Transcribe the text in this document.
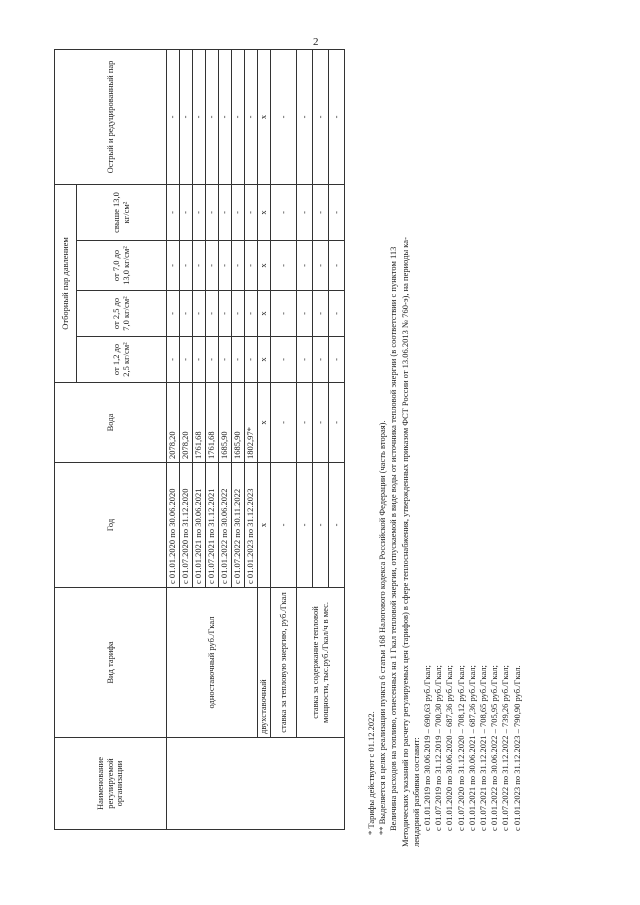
2
Наименование регулируемой организации	Вид тарифа	Год	Вода	Отборный пар давлением				Острый и редуцированный пар
				от 1,2 до 2,5 кг/см²	от 2,5 до 7,0 кг/см²	от 7,0 до 13,0 кг/см²	свыше 13,0 кг/см²	
	одноставочный руб./Гкал	с 01.01.2020 по 30.06.2020	2078,20	-	-	-	-	-
		с 01.07.2020 по 31.12.2020	2078,20	-	-	-	-	-
		с 01.01.2021 по 30.06.2021	1761,68	-	-	-	-	-
		с 01.07.2021 по 31.12.2021	1761,68	-	-	-	-	-
		с 01.01.2022 по 30.06.2022	1685,90	-	-	-	-	-
		с 01.07.2022 по 30.11.2022	1685,90	-	-	-	-	-
		с 01.01.2023 по 31.12.2023	1802,97*	-	-	-	-	-
	двухставочный	х	х	х	х	х	х	х
	ставка за тепловую энергию, руб./Гкал	-	-	-	-	-	-	-
	ставка за содержание тепловой мощности, тыс.руб./Гкал/ч в мес.	-	-	-	-	-	-	-
		-	-	-	-	-	-	-
		-	-	-	-	-	-	-
* Тарифы действуют с 01.12.2022. ** Выделяется в целях реализации пункта 6 статьи 168 Налогового кодекса Российской Федерации (часть вторая). Величина расходов на топливо, отнесенных на 1 Гкал тепловой энергии, отпускаемой в виде воды от источника тепловой энергии (в соответствии с пунктом 113 Методических указаний по расчету регулируемых цен (тарифов) в сфере теплоснабжения, утвержденных приказом ФСТ России от 13.06.2013 № 760-э), на периоды ка- лендарной разбивки составит: с 01.01.2019 по 30.06.2019 – 690,63 руб./Гкал; с 01.07.2019 по 31.12.2019 – 700,30 руб./Гкал; с 01.01.2020 по 30.06.2020 – 687,36 руб./Гкал; с 01.07.2020 по 31.12.2020 – 708,12 руб./Гкал; с 01.01.2021 по 30.06.2021 – 687,36 руб./Гкал; с 01.07.2021 по 31.12.2021 – 708,65 руб./Гкал; с 01.01.2022 по 30.06.2022 – 705,95 руб./Гкал; с 01.07.2022 по 31.12.2022 – 739,26 руб./Гкал; с 01.01.2023 по 31.12.2023 – 790,90 руб./Гкал.
